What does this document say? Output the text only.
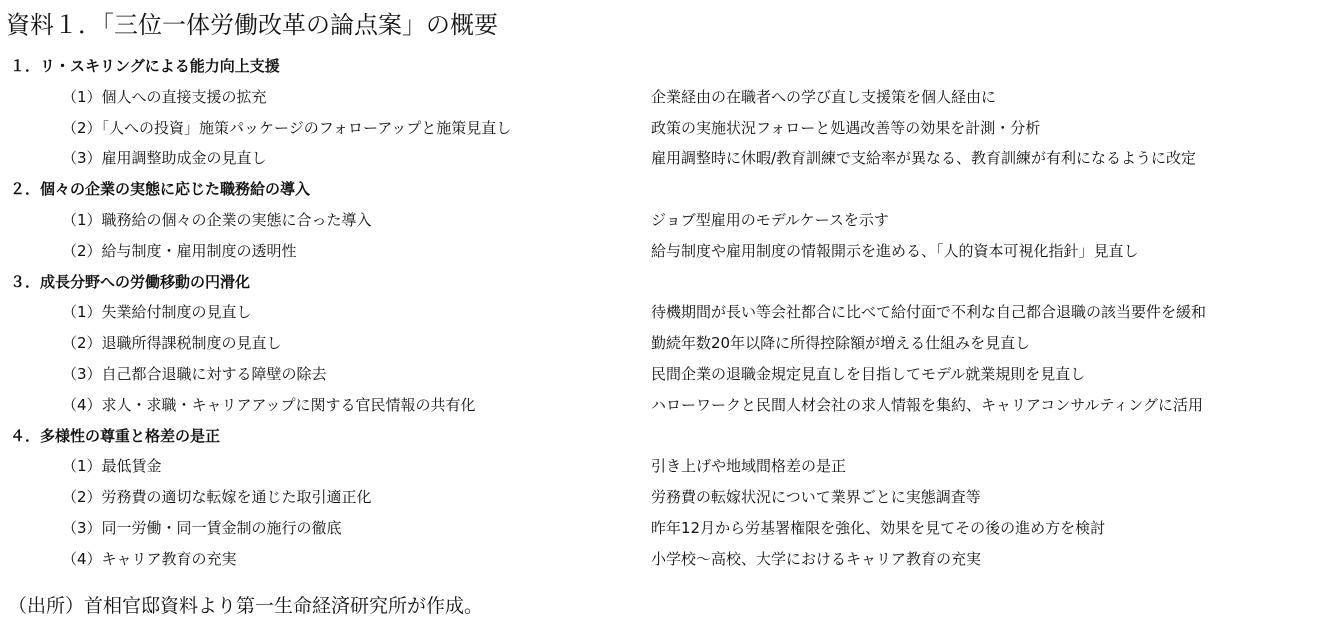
資料１．「三位一体労働改革の論点案」の概要
１．リ・スキリングによる能力向上支援
（1）個人への直接支援の拡充	企業経由の在職者への学び直し支援策を個人経由に
（2）「人への投資」施策パッケージのフォローアップと施策見直し	政策の実施状況フォローと処遇改善等の効果を計測・分析
（3）雇用調整助成金の見直し	雇用調整時に休暇/教育訓練で支給率が異なる、教育訓練が有利になるように改定
２．個々の企業の実態に応じた職務給の導入
（1）職務給の個々の企業の実態に合った導入	ジョブ型雇用のモデルケースを示す
（2）給与制度・雇用制度の透明性	給与制度や雇用制度の情報開示を進める、「人的資本可視化指針」見直し
３．成長分野への労働移動の円滑化
（1）失業給付制度の見直し	待機期間が長い等会社都合に比べて給付面で不利な自己都合退職の該当要件を緩和
（2）退職所得課税制度の見直し	勤続年数20年以降に所得控除額が増える仕組みを見直し
（3）自己都合退職に対する障壁の除去	民間企業の退職金規定見直しを目指してモデル就業規則を見直し
（4）求人・求職・キャリアアップに関する官民情報の共有化	ハローワークと民間人材会社の求人情報を集約、キャリアコンサルティングに活用
４．多様性の尊重と格差の是正
（1）最低賃金	引き上げや地域間格差の是正
（2）労務費の適切な転嫁を通じた取引適正化	労務費の転嫁状況について業界ごとに実態調査等
（3）同一労働・同一賃金制の施行の徹底	昨年12月から労基署権限を強化、効果を見てその後の進め方を検討
（4）キャリア教育の充実	小学校～高校、大学におけるキャリア教育の充実
（出所）首相官邸資料より第一生命経済研究所が作成。
